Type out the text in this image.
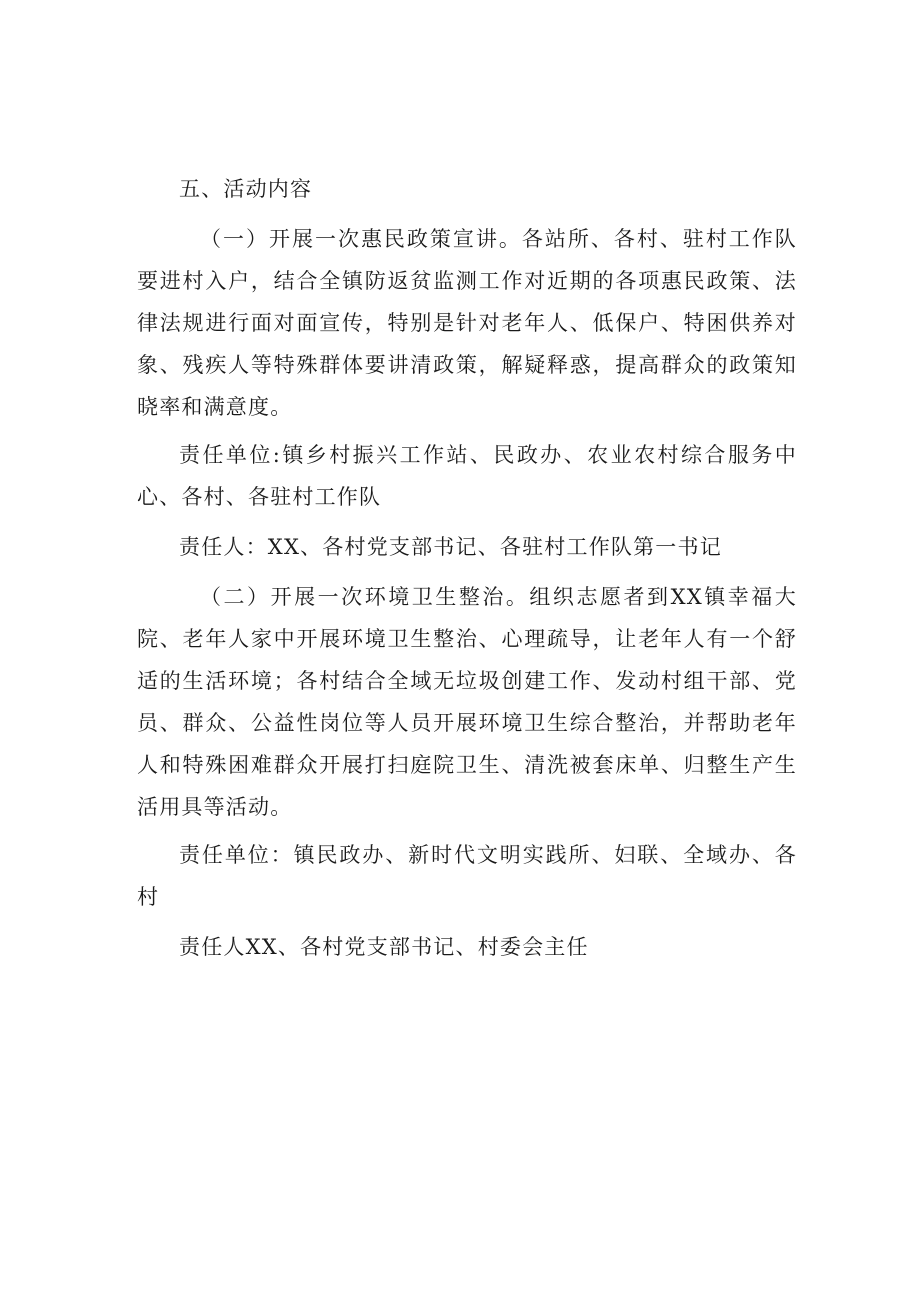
五、活动内容

（一）开展一次惠民政策宣讲。各站所、各村、驻村工作队要进村入户，结合全镇防返贫监测工作对近期的各项惠民政策、法律法规进行面对面宣传，特别是针对老年人、低保户、特困供养对象、残疾人等特殊群体要讲清政策，解疑释惑，提高群众的政策知晓率和满意度。

责任单位:镇乡村振兴工作站、民政办、农业农村综合服务中心、各村、各驻村工作队

责任人：XX、各村党支部书记、各驻村工作队第一书记

（二）开展一次环境卫生整治。组织志愿者到XX镇幸福大院、老年人家中开展环境卫生整治、心理疏导，让老年人有一个舒适的生活环境；各村结合全域无垃圾创建工作、发动村组干部、党员、群众、公益性岗位等人员开展环境卫生综合整治，并帮助老年人和特殊困难群众开展打扫庭院卫生、清洗被套床单、归整生产生活用具等活动。

责任单位：镇民政办、新时代文明实践所、妇联、全域办、各村

责任人XX、各村党支部书记、村委会主任
